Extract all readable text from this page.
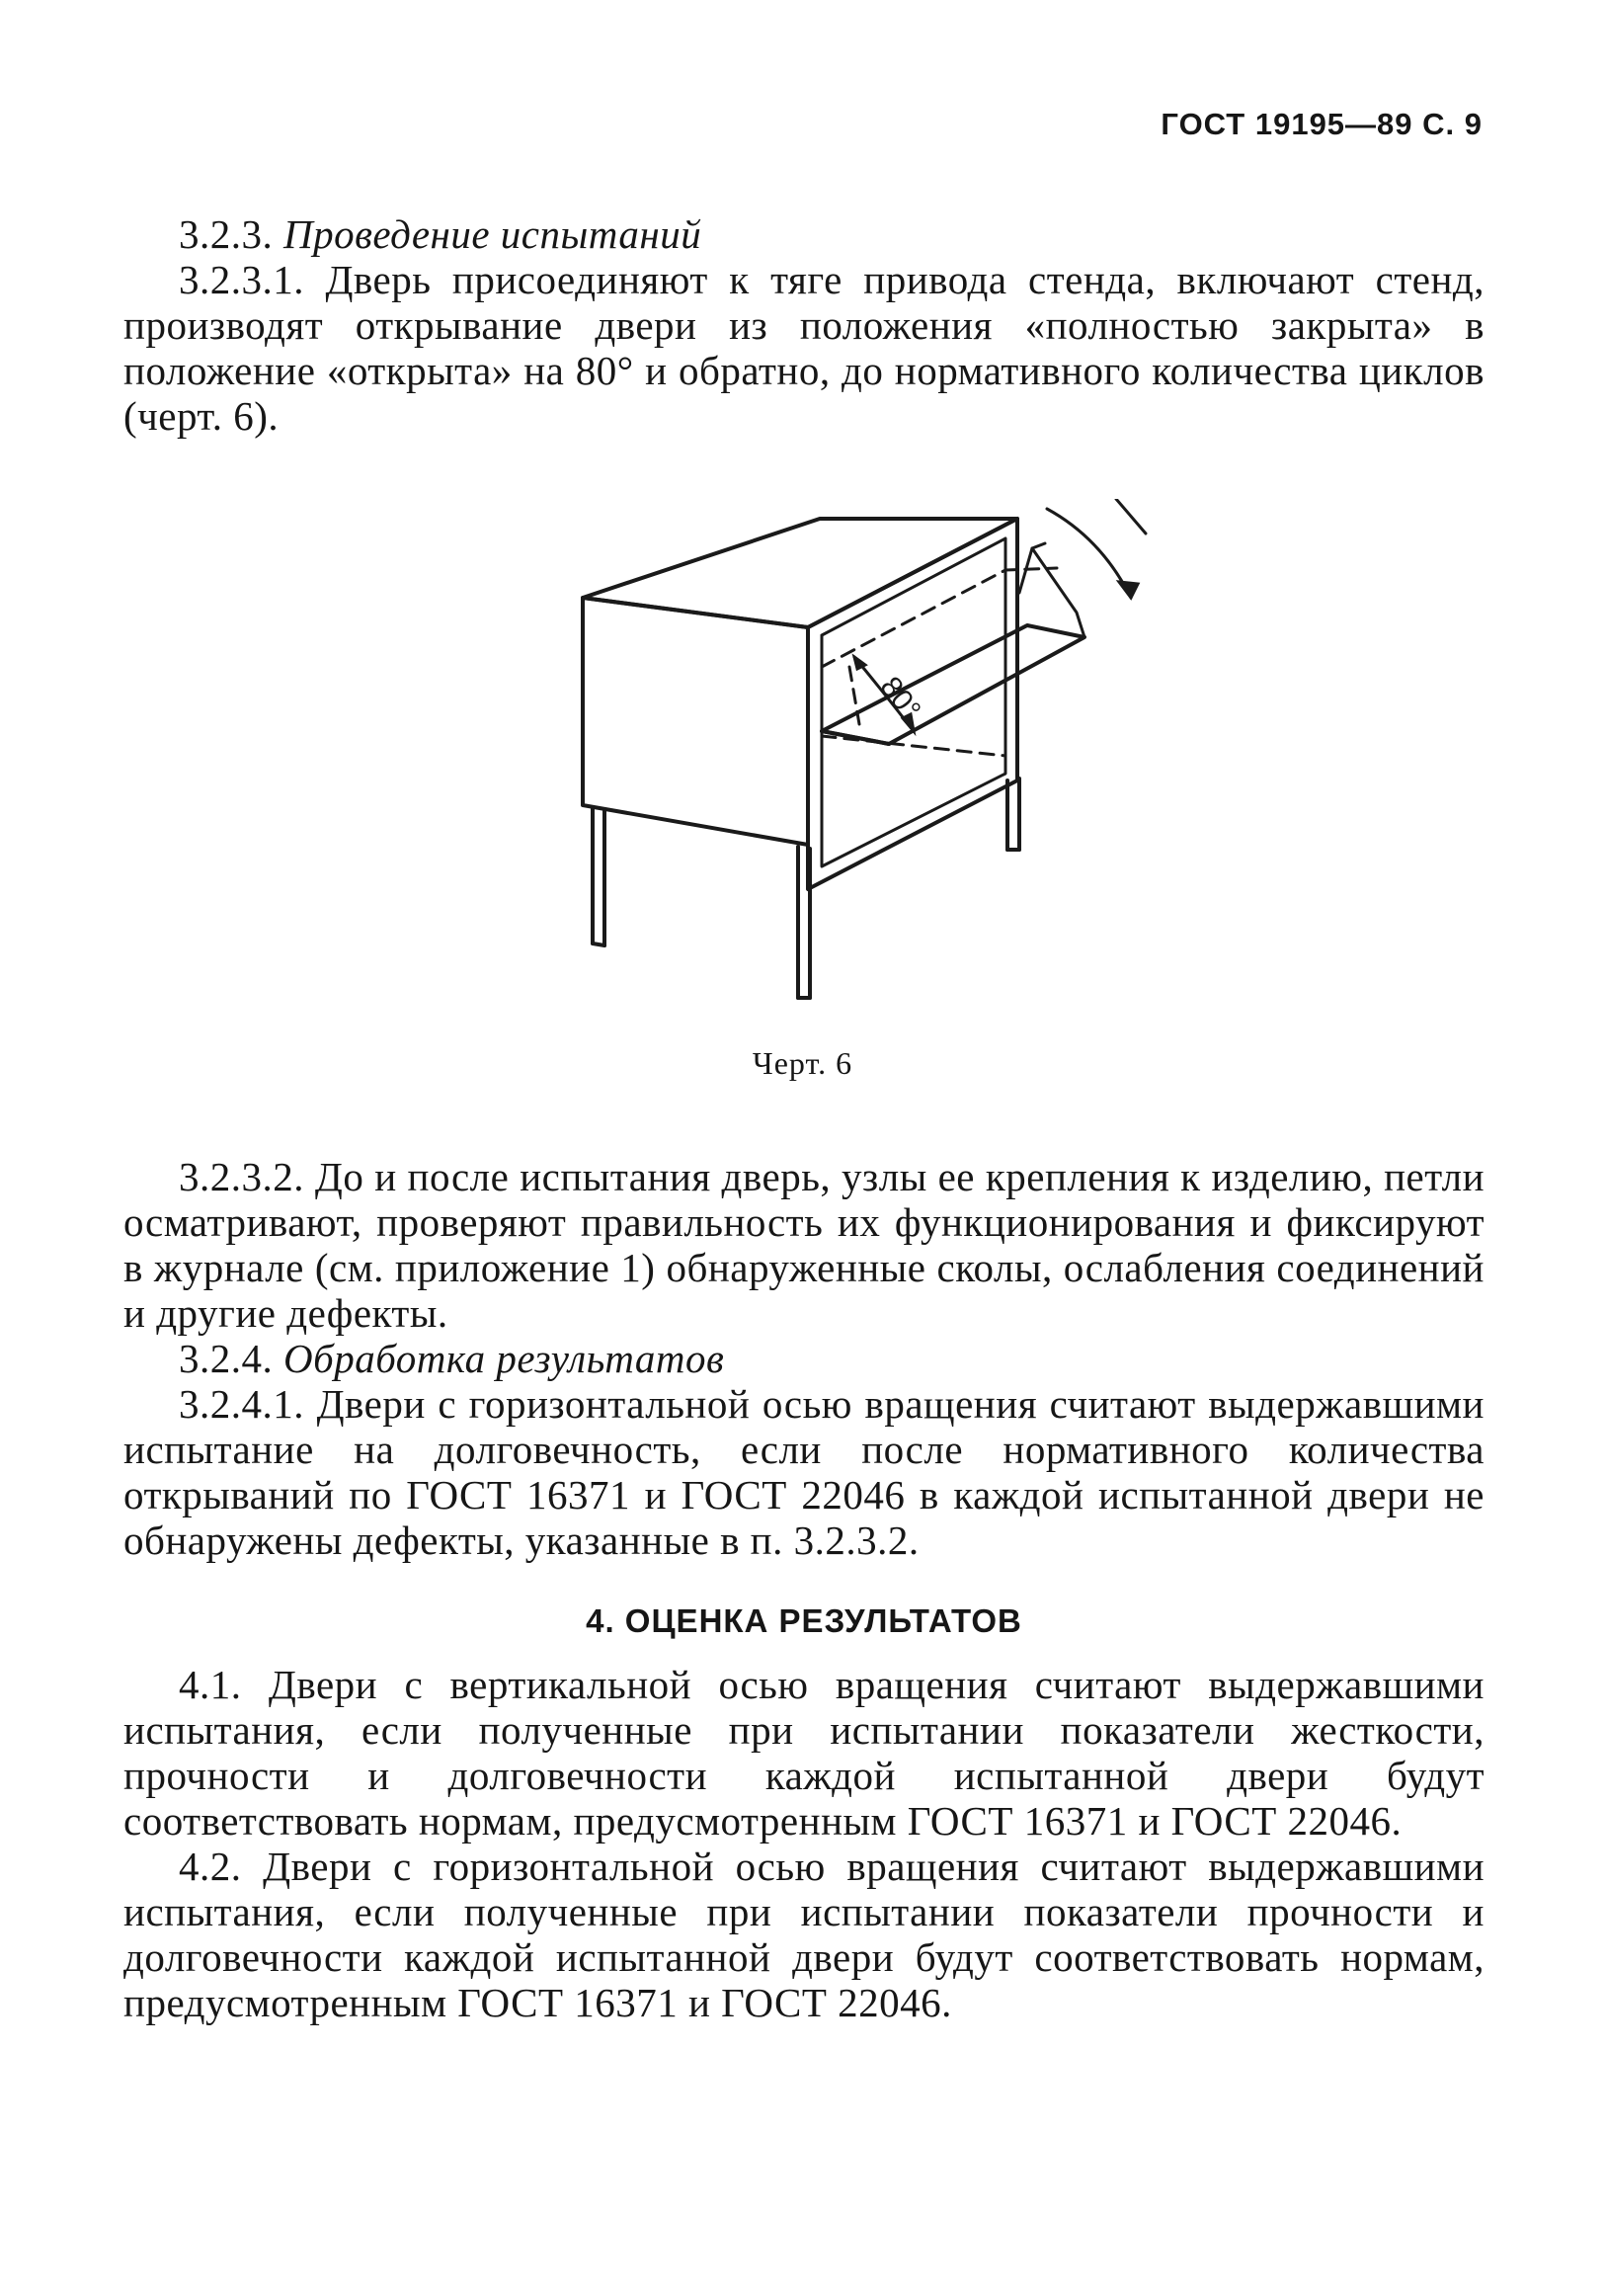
ГОСТ 19195—89 С. 9

3.2.3. Проведение испытаний

3.2.3.1. Дверь присоединяют к тяге привода стенда, включают стенд, производят открывание двери из положения «полностью закрыта» в положение «открыта» на 80° и обратно, до нормативного количества циклов (черт. 6).

80°
Черт. 6

3.2.3.2. До и после испытания дверь, узлы ее крепления к изделию, петли осматривают, проверяют правильность их функционирования и фиксируют в журнале (см. приложение 1) обнаруженные сколы, ослабления соединений и другие дефекты.

3.2.4. Обработка результатов

3.2.4.1. Двери с горизонтальной осью вращения считают выдержавшими испытание на долговечность, если после нормативного количества открываний по ГОСТ 16371 и ГОСТ 22046 в каждой испытанной двери не обнаружены дефекты, указанные в п. 3.2.3.2.

4. ОЦЕНКА РЕЗУЛЬТАТОВ

4.1. Двери с вертикальной осью вращения считают выдержавшими испытания, если полученные при испытании показатели жесткости, прочности и долговечности каждой испытанной двери будут соответствовать нормам, предусмотренным ГОСТ 16371 и ГОСТ 22046.

4.2. Двери с горизонтальной осью вращения считают выдержавшими испытания, если полученные при испытании показатели прочности и долговечности каждой испытанной двери будут соответствовать нормам, предусмотренным ГОСТ 16371 и ГОСТ 22046.
